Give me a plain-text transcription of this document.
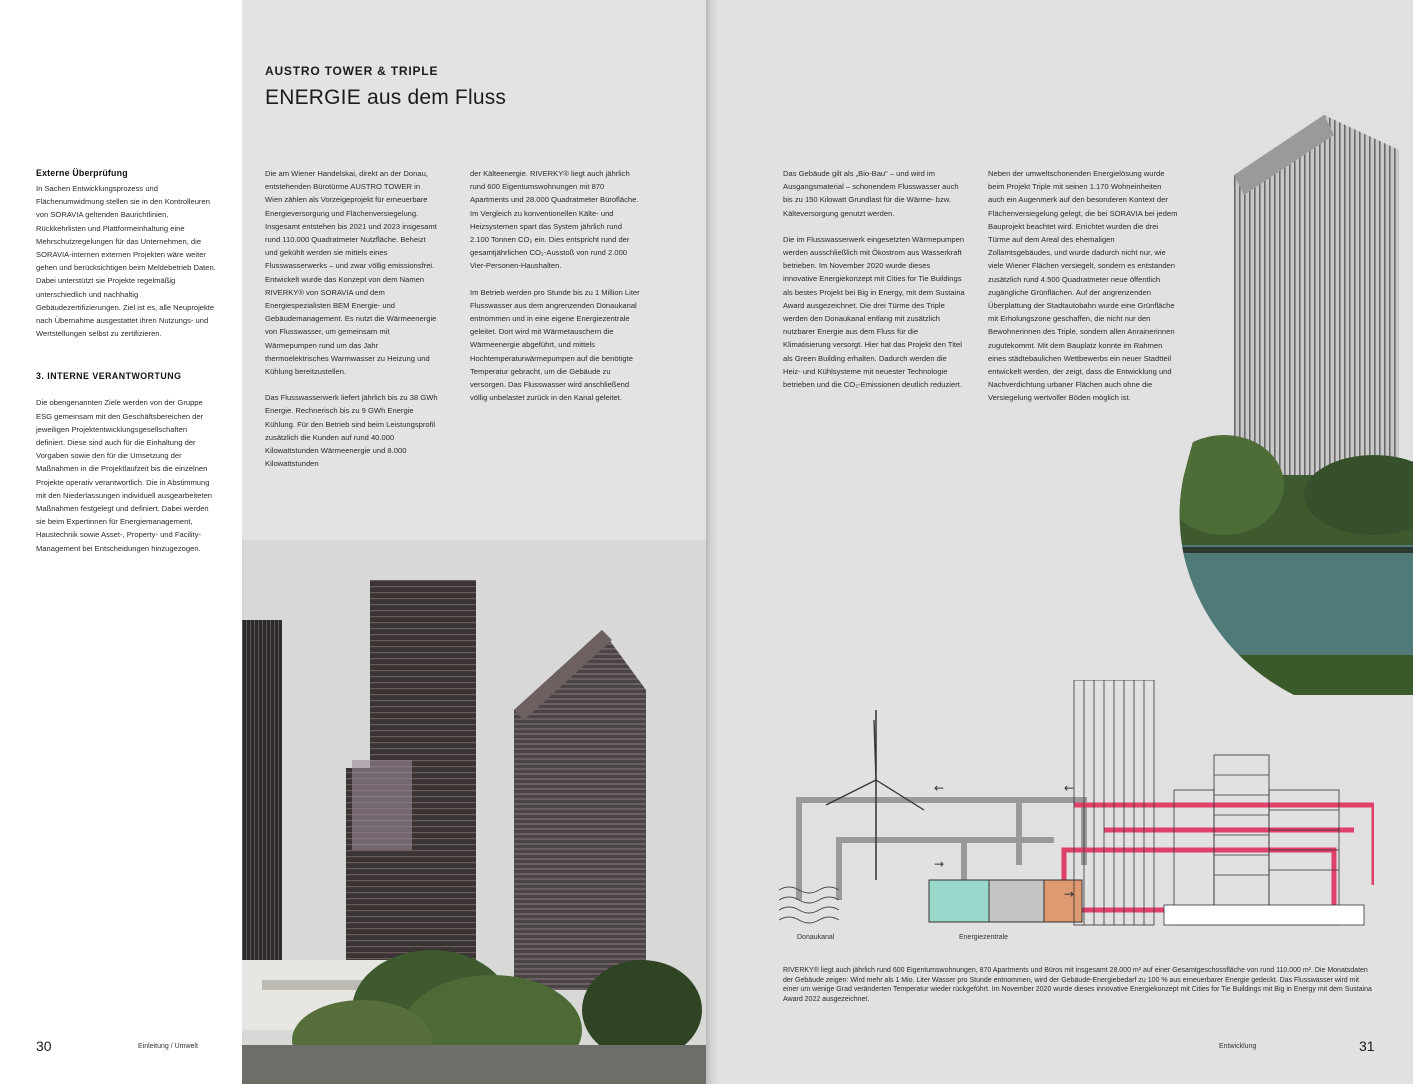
AUSTRO TOWER & TRIPLE
ENERGIE aus dem Fluss
Externe Überprüfung

In Sachen Entwicklungsprozess und Flächenumwidmung stellen sie in den Kontrolleuren von SORAVIA geltenden Baurichtlinien, Rückkehrlisten und Plattformeinhaltung eine Mehrschutzregelungen für das Unternehmen, die SORAVIA-internen externen Projekten wäre weiter gehen und berücksichtigen beim Meldebetrieb Daten. Dabei unterstützt sie Projekte regelmäßig unterschiedlich und nachhaltig Gebäudezertifizierungen. Ziel ist es, alle Neuprojekte nach Übernahme ausgestattet ihren Nutzungs- und Wertstellungen selbst zu zertifizieren.

3. INTERNE VERANTWORTUNG

Die obengenannten Ziele werden von der Gruppe ESG gemeinsam mit den Geschäftsbereichen der jeweiligen Projektentwicklungsgesellschaften definiert. Diese sind auch für die Einhaltung der Vorgaben sowie den für die Umsetzung der Maßnahmen in die Projektlaufzeit bis die einzelnen Projekte operativ verantwortlich. Die in Abstimmung mit den Niederlassungen individuell ausgearbeiteten Maßnahmen festgelegt und definiert. Dabei werden sie beim Expertinnen für Energiemanagement, Haustechnik sowie Asset-, Property- und Facility-Management bei Entscheidungen hinzugezogen.

Die am Wiener Handelskai, direkt an der Donau, entstehenden Bürotürme AUSTRO TOWER in Wien zählen als Vorzeigeprojekt für erneuerbare Energieversorgung und Flächenversiegelung. Insgesamt entstehen bis 2021 und 2023 insgesamt rund 110.000 Quadratmeter Nutzfläche. Beheizt und gekühlt werden sie mittels eines Flusswasserwerks – und zwar völlig emissionsfrei. Entwickelt wurde das Konzept von dem Namen RIVERKY® von SORAVIA und dem Energiespezialisten BEM Energie- und Gebäudemanagement. Es nutzt die Wärmeenergie von Flusswasser, um gemeinsam mit Wärmepumpen rund um das Jahr thermoelektrisches Warmwasser zu Heizung und Kühlung bereitzustellen.

Das Flusswasserwerk liefert jährlich bis zu 38 GWh Energie. Rechnerisch bis zu 9 GWh Energie Kühlung. Für den Betrieb sind beim Leistungsprofil zusätzlich die Kunden auf rund 40.000 Kilowattstunden Wärmeenergie und 8.000 Kilowattstunden

der Kälteenergie. RIVERKY® liegt auch jährlich rund 600 Eigentumswohnungen mit 870 Apartments und 28.000 Quadratmeter Bürofläche. Im Vergleich zu konventionellen Kälte- und Heizsystemen spart das System jährlich rund 2.100 Tonnen CO₂ ein. Dies entspricht rund der gesamtjährlichen CO₂-Ausstoß von rund 2.000 Vier-Personen-Haushalten.

Im Betrieb werden pro Stunde bis zu 1 Million Liter Flusswasser aus dem angrenzenden Donaukanal entnommen und in eine eigene Energiezentrale geleitet. Dort wird mit Wärmetauschern die Wärmeenergie abgeführt, und mittels Hochtemperaturwärmepumpen auf die benötigte Temperatur gebracht, um die Gebäude zu versorgen. Das Flusswasser wird anschließend völlig unbelastet zurück in den Kanal geleitet.

30	Einleitung / Umwelt

Das Gebäude gilt als „Bio-Bau“ – und wird im Ausgangsmaterial – schonendem Flusswasser auch bis zu 150 Kilowatt Grundlast für die Wärme- bzw. Kälteversorgung genutzt werden.

Die im Flusswasserwerk eingesetzten Wärmepumpen werden ausschließlich mit Ökostrom aus Wasserkraft betrieben. Im November 2020 wurde dieses innovative Energiekonzept mit Cities for Tie Buildings als bestes Projekt bei Big in Energy, mit dem Sustaina Award ausgezeichnet. Die drei Türme des Triple werden den Donaukanal entlang mit zusätzlich nutzbarer Energie aus dem Fluss für die Klimatisierung versorgt. Hier hat das Projekt den Titel als Green Building erhalten. Dadurch werden die Heiz- und Kühlsysteme mit neuester Technologie betrieben und die CO₂-Emissionen deutlich reduziert.

Neben der umweltschonenden Energielösung wurde beim Projekt Triple mit seinen 1.170 Wohneinheiten auch ein Augenmerk auf den besonderen Kontext der Flächenversiegelung gelegt, die bei SORAVIA bei jedem Bauprojekt beachtet wird. Errichtet wurden die drei Türme auf dem Areal des ehemaligen Zollamtsgebäudes, und wurde dadurch nicht nur, wie viele Wiener Flächen versiegelt, sondern es entstanden zusätzlich rund 4.500 Quadratmeter neue öffentlich zugängliche Grünflächen. Auf der angrenzenden Überplattung der Stadtautobahn wurde eine Grünfläche mit Erholungszone geschaffen, die nicht nur den Bewohnerinnen des Triple, sondern allen Anrainerinnen zugutekommt. Mit dem Bauplatz konnte im Rahmen eines städtebaulichen Wettbewerbs ein neuer Stadtteil entwickelt werden, der zeigt, dass die Entwicklung und Nachverdichtung urbaner Flächen auch ohne die Versiegelung wertvoller Böden möglich ist.

←
→
←
→
Donaukanal	Energiezentrale
RIVERKY® liegt auch jährlich rund 600 Eigentumswohnungen, 870 Apartments und Büros mit insgesamt 28.000 m² auf einer Gesamtgeschossfläche von rund 110.000 m². Die Monatsdaten der Gebäude zeigen: Wird mehr als 1 Mio. Liter Wasser pro Stunde entnommen, wird der Gebäude-Energiebedarf zu 100 % aus erneuerbarer Energie gedeckt. Das Flusswasser wird mit einer um wenige Grad veränderten Temperatur wieder rückgeführt. Im November 2020 wurde dieses innovative Energiekonzept mit Cities for Tie Buildings mit Big in Energy mit dem Sustaina Award 2022 ausgezeichnet.
Entwicklung	31
